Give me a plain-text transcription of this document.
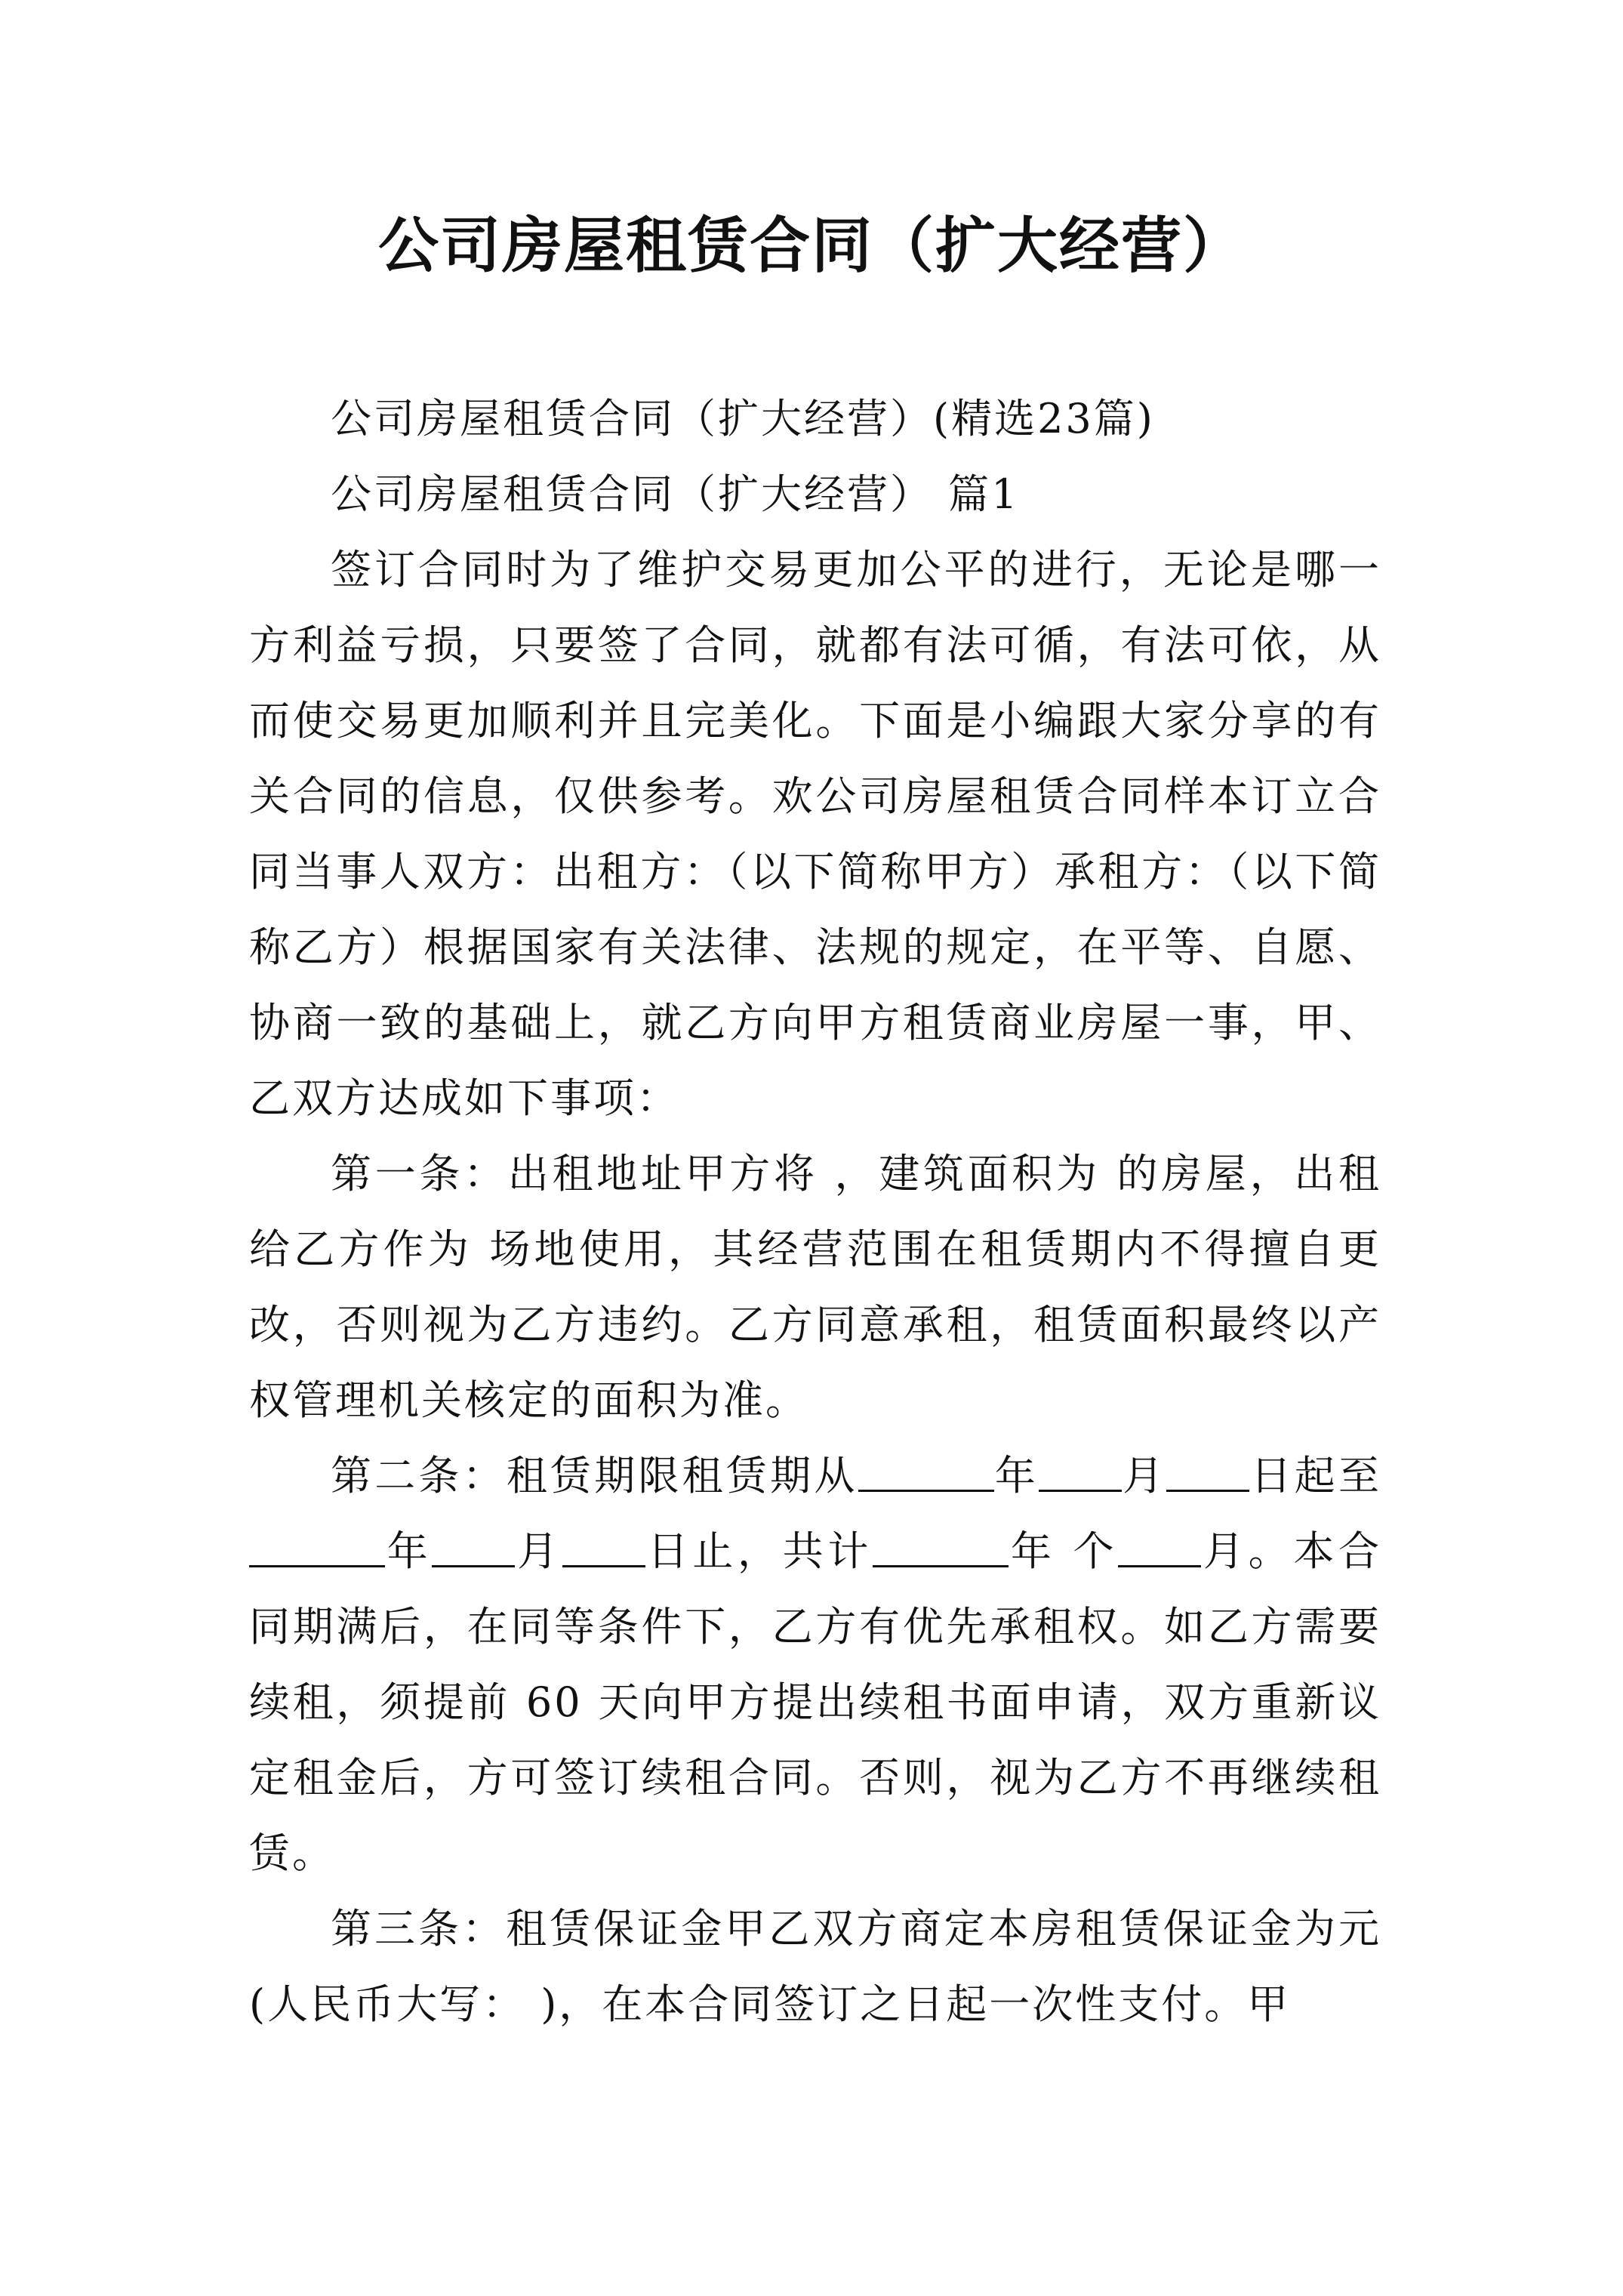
公司房屋租赁合同（扩大经营）

公司房屋租赁合同（扩大经营）(精选23篇)

公司房屋租赁合同（扩大经营） 篇1

签订合同时为了维护交易更加公平的进行，无论是哪一方利益亏损，只要签了合同，就都有法可循，有法可依，从而使交易更加顺利并且完美化。下面是小编跟大家分享的有关合同的信息，仅供参考。欢公司房屋租赁合同样本订立合同当事人双方：出租方：（以下简称甲方）承租方：（以下简称乙方）根据国家有关法律、法规的规定，在平等、自愿、协商一致的基础上，就乙方向甲方租赁商业房屋一事，甲、乙双方达成如下事项：

第一条：出租地址甲方将 ，建筑面积为 的房屋，出租给乙方作为 场地使用，其经营范围在租赁期内不得擅自更改，否则视为乙方违约。乙方同意承租，租赁面积最终以产权管理机关核定的面积为准。

第二条：租赁期限租赁期从	年 月 日起至年 月 日止，共计	年 个 月。本合同期满后，在同等条件下，乙方有优先承租权。如乙方需要续租，须提前 60 天向甲方提出续租书面申请，双方重新议定租金后，方可签订续租合同。否则，视为乙方不再继续租赁。

第三条：租赁保证金甲乙双方商定本房租赁保证金为元(人民币大写： )，在本合同签订之日起一次性支付。甲
